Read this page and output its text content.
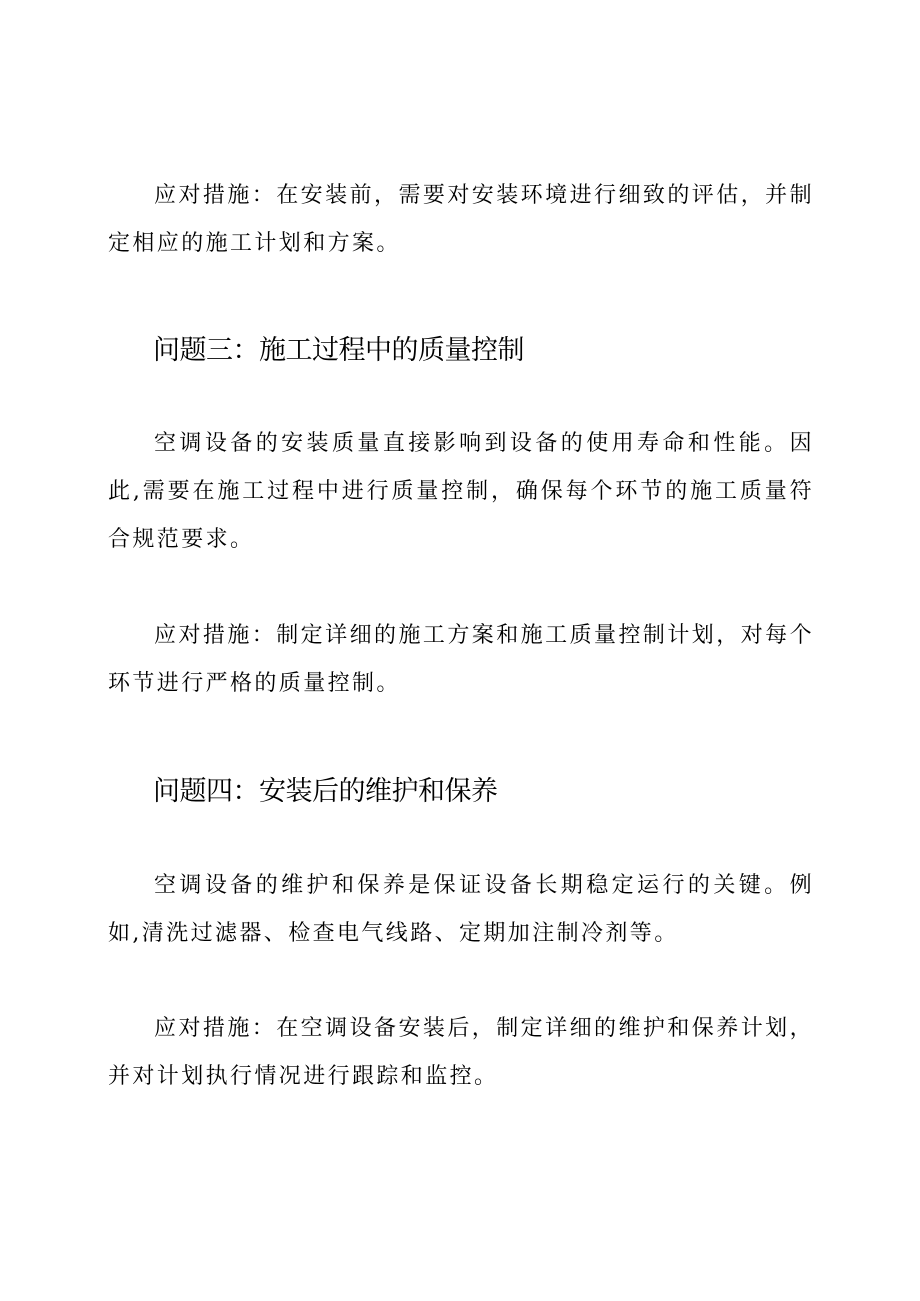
应对措施：在安装前，需要对安装环境进行细致的评估，并制定相应的施工计划和方案。

问题三：施工过程中的质量控制

空调设备的安装质量直接影响到设备的使用寿命和性能。因此,需要在施工过程中进行质量控制，确保每个环节的施工质量符合规范要求。

应对措施：制定详细的施工方案和施工质量控制计划，对每个环节进行严格的质量控制。

问题四：安装后的维护和保养

空调设备的维护和保养是保证设备长期稳定运行的关键。例如,清洗过滤器、检查电气线路、定期加注制冷剂等。

应对措施：在空调设备安装后，制定详细的维护和保养计划，并对计划执行情况进行跟踪和监控。
